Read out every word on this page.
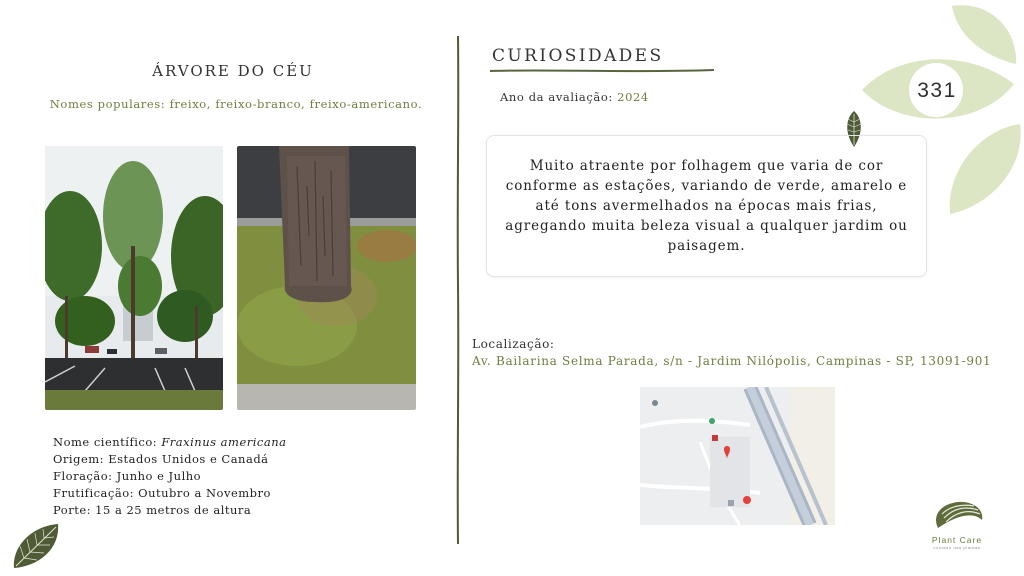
331
ÁRVORE DO CÉU
Nomes populares: freixo, freixo-branco, freixo-americano.
Nome científico: Fraxinus americana
Origem: Estados Unidos e Canadá
Floração: Junho e Julho
Frutificação: Outubro a Novembro
Porte: 15 a 25 metros de altura
CURIOSIDADES
Ano da avaliação: 2024

Muito atraente por folhagem que varia de cor conforme as estações, variando de verde, amarelo e até tons avermelhados na épocas mais frias, agregando muita beleza visual a qualquer jardim ou paisagem.

Localização:
Av. Bailarina Selma Parada, s/n - Jardim Nilópolis, Campinas - SP, 13091-901
Plant Care
cuidado das plantas
